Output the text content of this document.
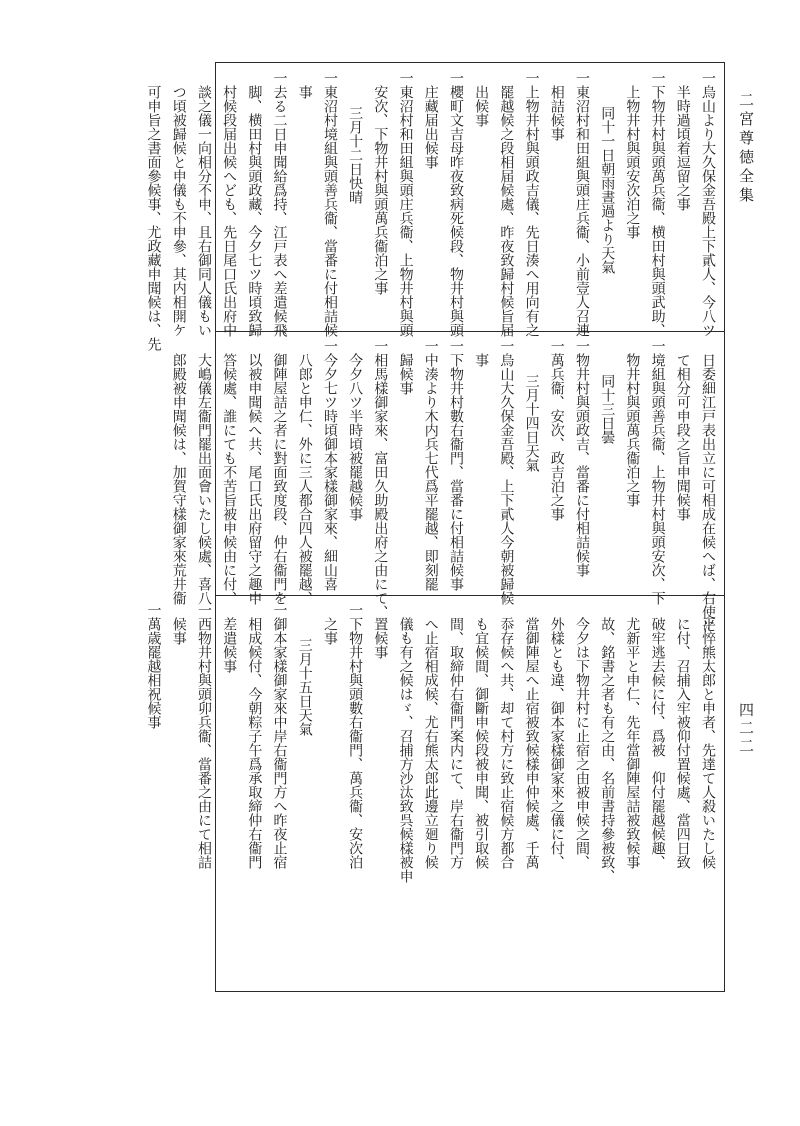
二宮尊徳全集
四二二
一烏山より大久保金吾殿上下貳人、今八ツ
半時過頃着逗留之事
一下物井村與頭萬兵衞、横田村與頭武助、
上物井村與頭安次泊之事
同十一日朝雨晝過より天氣
一東沼村和田組與頭庄兵衞、小前壹人召連
相詰候事
一上物井村與頭政吉儀、先日湊へ用向有之
罷越候之段相届候處、昨夜致歸村候旨届
出候事
一櫻町文吉母昨夜致病死候段、物井村與頭
庄藏届出候事
一東沼村和田組與頭庄兵衞、上物井村與頭
安次、下物井村與頭萬兵衞泊之事
三月十二日快晴
一東沼村境組與頭善兵衞、當番に付相詰候
事
一去る二日申聞給爲持、江戸表へ差遣候飛
脚、横田村與頭政藏、今夕七ツ時頃致歸
村候段届出候へども、先日尾口氏出府中
談之儀一向相分不申、且右御同人儀もい
つ頃被歸候と申儀も不申參、其内相開ケ
可申旨之書面參候事、尤政藏申聞候は、先
日委細江戸表出立に可相成在候へば、右使に
て相分可申段之旨申聞候事
一境組與頭善兵衞、上物井村與頭安次、下
物井村與頭萬兵衞泊之事
同十三日曇
一物井村與頭政吉、當番に付相詰候事
一萬兵衞、安次、政吉泊之事
三月十四日天氣
一烏山大久保金吾殿、上下貳人今朝被歸候
事
一下物井村數右衞門、當番に付相詰候事
一中湊より木内兵七代爲平罷越、即刻罷
歸候事
一相馬樣御家來、富田久助殿出府之由にて、
今夕八ツ半時頃被罷越候事
一今夕七ツ時頃御本家樣御家來、細山喜
八郎と申仁、外に三人都合四人被罷越、
御陣屋詰之者に對面致度段、仲右衞門を
以被申聞候へ共、尾口氏出府留守之趣申
答候處、誰にても不苦旨被申候由に付、
大嶋儀左衞門罷出面會いたし候處、喜八
郎殿被申聞候は、加賀守樣御家來荒井衞
平悴熊太郎と申者、先達て人殺いたし候
に付、召捕入牢被仰付置候處、當四日致
破牢逃去候に付、爲被　仰付罷越候趣、
尤新平と申仁、先年當御陣屋詰被致候事
故、銘書之者も有之由、名前書持參被致、
今夕は下物井村に止宿之由被申候之間、
外樣とも違、御本家樣御家來之儀に付、
當御陣屋へ止宿被致候樣申仲候處、千萬
忝存候へ共、却て村方に致止宿候方都合
も宜候間、御斷申候段被申聞、被引取候
間、取締仲右衞門案内にて、岸右衞門方
へ止宿相成候、尤右熊太郎此邊立廻り候
儀も有之候はゞ、召捕方沙汰致呉候樣被申
置候事
一下物井村與頭數右衞門、萬兵衞、安次泊
之事
三月十五日天氣
一御本家樣御家來中岸右衞門方へ昨夜止宿
相成候付、今朝粽子午爲承取締仲右衞門
差遣候事
一西物井村與頭卯兵衞、當番之由にて相詰
候事
一萬歳罷越相祝候事
